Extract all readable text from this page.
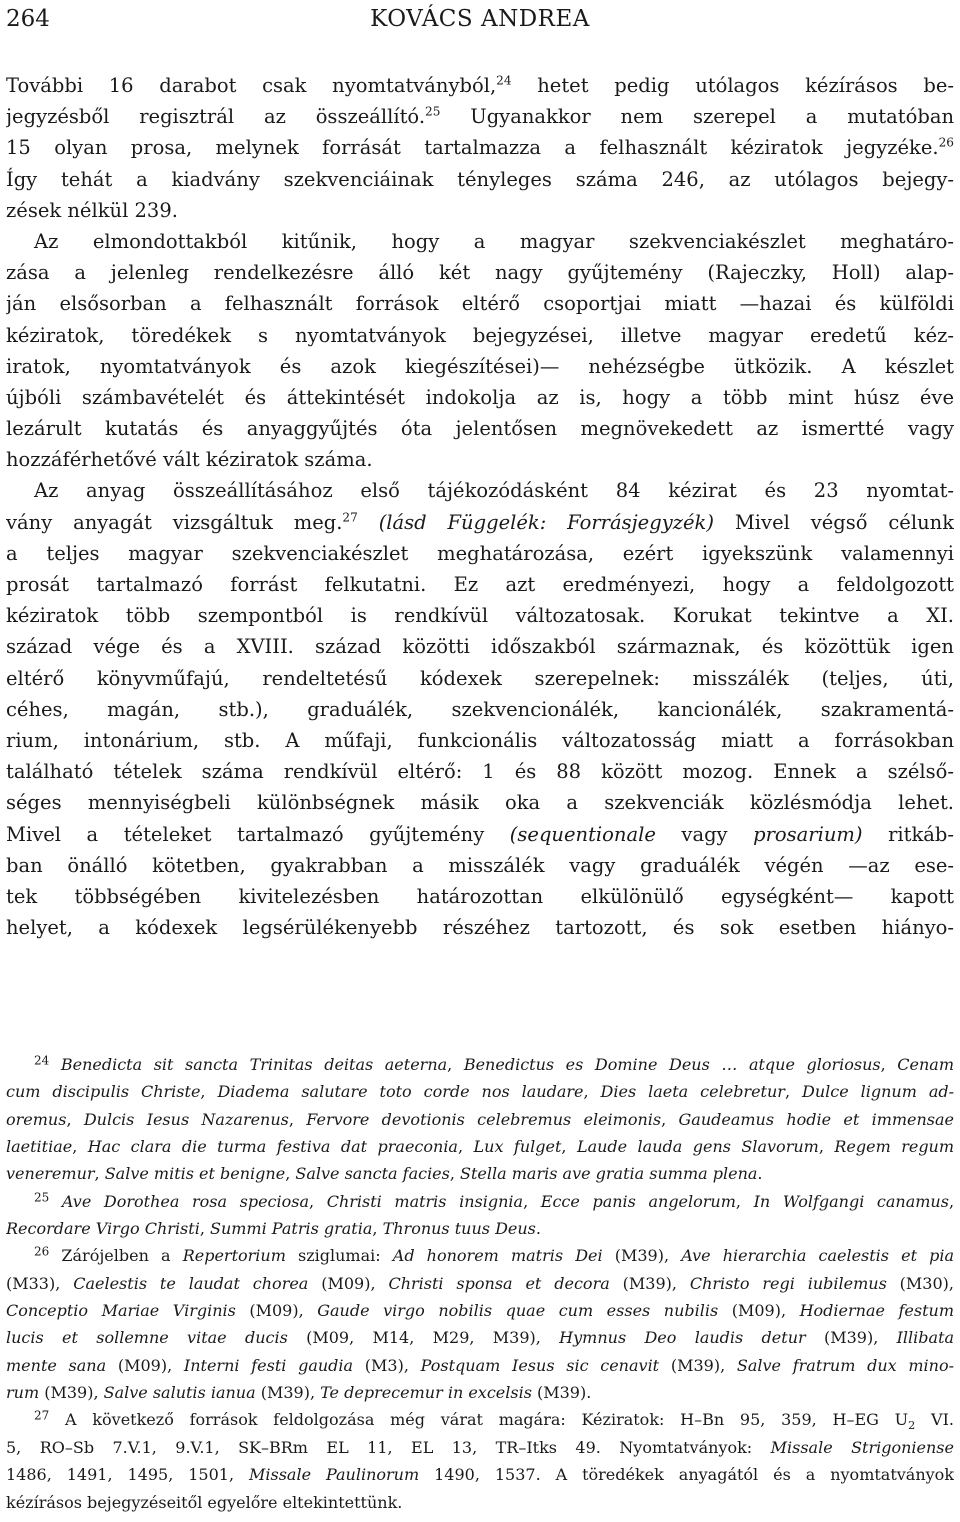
264	KOVÁCS ANDREA
További 16 darabot csak nyomtatványból,$^{24}$ hetet pedig utólagos kézírásos be-
jegyzésből regisztrál az összeállító.$^{25}$ Ugyanakkor nem szerepel a mutatóban
15 olyan prosa, melynek forrását tartalmazza a felhasznált kéziratok jegyzéke.$^{26}$
Így tehát a kiadvány szekvenciáinak tényleges száma 246, az utólagos bejegy-
zések nélkül 239.
Az elmondottakból kitűnik, hogy a magyar szekvenciakészlet meghatáro-
zása a jelenleg rendelkezésre álló két nagy gyűjtemény (Rajeczky, Holl) alap-
ján elsősorban a felhasznált források eltérő csoportjai miatt —hazai és külföldi
kéziratok, töredékek s nyomtatványok bejegyzései, illetve magyar eredetű kéz-
iratok, nyomtatványok és azok kiegészítései)— nehézségbe ütközik. A készlet
újbóli számbavételét és áttekintését indokolja az is, hogy a több mint húsz éve
lezárult kutatás és anyaggyűjtés óta jelentősen megnövekedett az ismertté vagy
hozzáférhetővé vált kéziratok száma.
Az anyag összeállításához első tájékozódásként 84 kézirat és 23 nyomtat-
vány anyagát vizsgáltuk meg.$^{27}$ (lásd Függelék: Forrásjegyzék) Mivel végső célunk
a teljes magyar szekvenciakészlet meghatározása, ezért igyekszünk valamennyi
prosát tartalmazó forrást felkutatni. Ez azt eredményezi, hogy a feldolgozott
kéziratok több szempontból is rendkívül változatosak. Korukat tekintve a XI.
század vége és a XVIII. század közötti időszakból származnak, és közöttük igen
eltérő könyvműfajú, rendeltetésű kódexek szerepelnek: misszálék (teljes, úti,
céhes, magán, stb.), graduálék, szekvencionálék, kancionálék, szakramentá-
rium, intonárium, stb. A műfaji, funkcionális változatosság miatt a forrásokban
található tételek száma rendkívül eltérő: 1 és 88 között mozog. Ennek a szélső-
séges mennyiségbeli különbségnek másik oka a szekvenciák közlésmódja lehet.
Mivel a tételeket tartalmazó gyűjtemény (sequentionale vagy prosarium) ritkáb-
ban önálló kötetben, gyakrabban a misszálék vagy graduálék végén —az ese-
tek többségében kivitelezésben határozottan elkülönülő egységként— kapott
helyet, a kódexek legsérülékenyebb részéhez tartozott, és sok esetben hiányo-
$^{24}$ Benedicta sit sancta Trinitas deitas aeterna, Benedictus es Domine Deus … atque gloriosus, Cenam
cum discipulis Christe, Diadema salutare toto corde nos laudare, Dies laeta celebretur, Dulce lignum ad-
oremus, Dulcis Iesus Nazarenus, Fervore devotionis celebremus eleimonis, Gaudeamus hodie et immensae
laetitiae, Hac clara die turma festiva dat praeconia, Lux fulget, Laude lauda gens Slavorum, Regem regum
veneremur, Salve mitis et benigne, Salve sancta facies, Stella maris ave gratia summa plena.
$^{25}$ Ave Dorothea rosa speciosa, Christi matris insignia, Ecce panis angelorum, In Wolfgangi canamus,
Recordare Virgo Christi, Summi Patris gratia, Thronus tuus Deus.
$^{26}$ Zárójelben a Repertorium sziglumai: Ad honorem matris Dei (M39), Ave hierarchia caelestis et pia
(M33), Caelestis te laudat chorea (M09), Christi sponsa et decora (M39), Christo regi iubilemus (M30),
Conceptio Mariae Virginis (M09), Gaude virgo nobilis quae cum esses nubilis (M09), Hodiernae festum
lucis et sollemne vitae ducis (M09, M14, M29, M39), Hymnus Deo laudis detur (M39), Illibata
mente sana (M09), Interni festi gaudia (M3), Postquam Iesus sic cenavit (M39), Salve fratrum dux mino-
rum (M39), Salve salutis ianua (M39), Te deprecemur in excelsis (M39).
$^{27}$ A következő források feldolgozása még várat magára: Kéziratok: H–Bn 95, 359, H–EG $U_2$ VI.
5, RO–Sb 7.V.1, 9.V.1, SK–BRm EL 11, EL 13, TR–Itks 49. Nyomtatványok: Missale Strigoniense
1486, 1491, 1495, 1501, Missale Paulinorum 1490, 1537. A töredékek anyagától és a nyomtatványok
kézírásos bejegyzéseitől egyelőre eltekintettünk.
